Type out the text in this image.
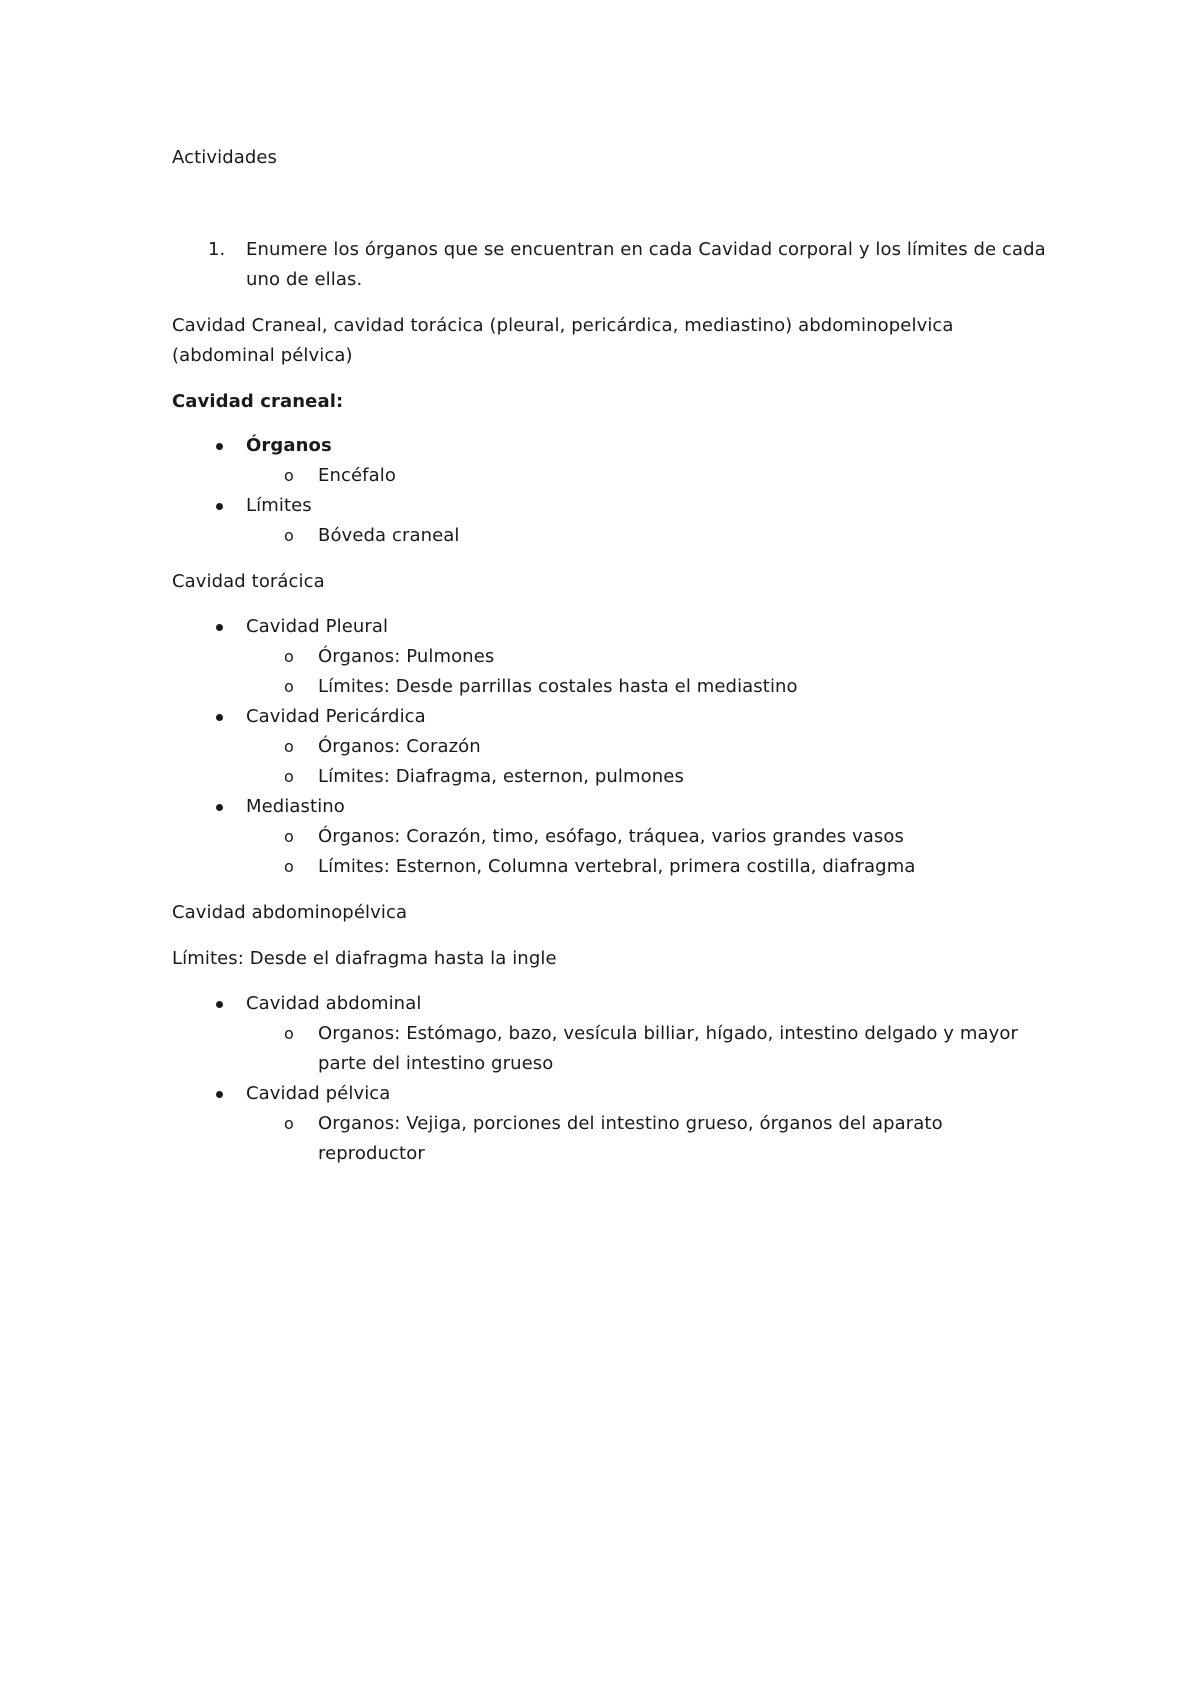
Actividades
1. Enumere los órganos que se encuentran en cada Cavidad corporal y los límites de cada
uno de ellas.
Cavidad Craneal, cavidad torácica (pleural, pericárdica, mediastino) abdominopelvica
(abdominal pélvica)
Cavidad craneal:
Órganos
o Encéfalo
Límites
o Bóveda craneal
Cavidad torácica
Cavidad Pleural
o Órganos: Pulmones
o Límites: Desde parrillas costales hasta el mediastino
Cavidad Pericárdica
o Órganos: Corazón
o Límites: Diafragma, esternon, pulmones
Mediastino
o Órganos: Corazón, timo, esófago, tráquea, varios grandes vasos
o Límites: Esternon, Columna vertebral, primera costilla, diafragma
Cavidad abdominopélvica
Límites: Desde el diafragma hasta la ingle
Cavidad abdominal
o Organos: Estómago, bazo, vesícula billiar, hígado, intestino delgado y mayor
parte del intestino grueso
Cavidad pélvica
o Organos: Vejiga, porciones del intestino grueso, órganos del aparato
reproductor
